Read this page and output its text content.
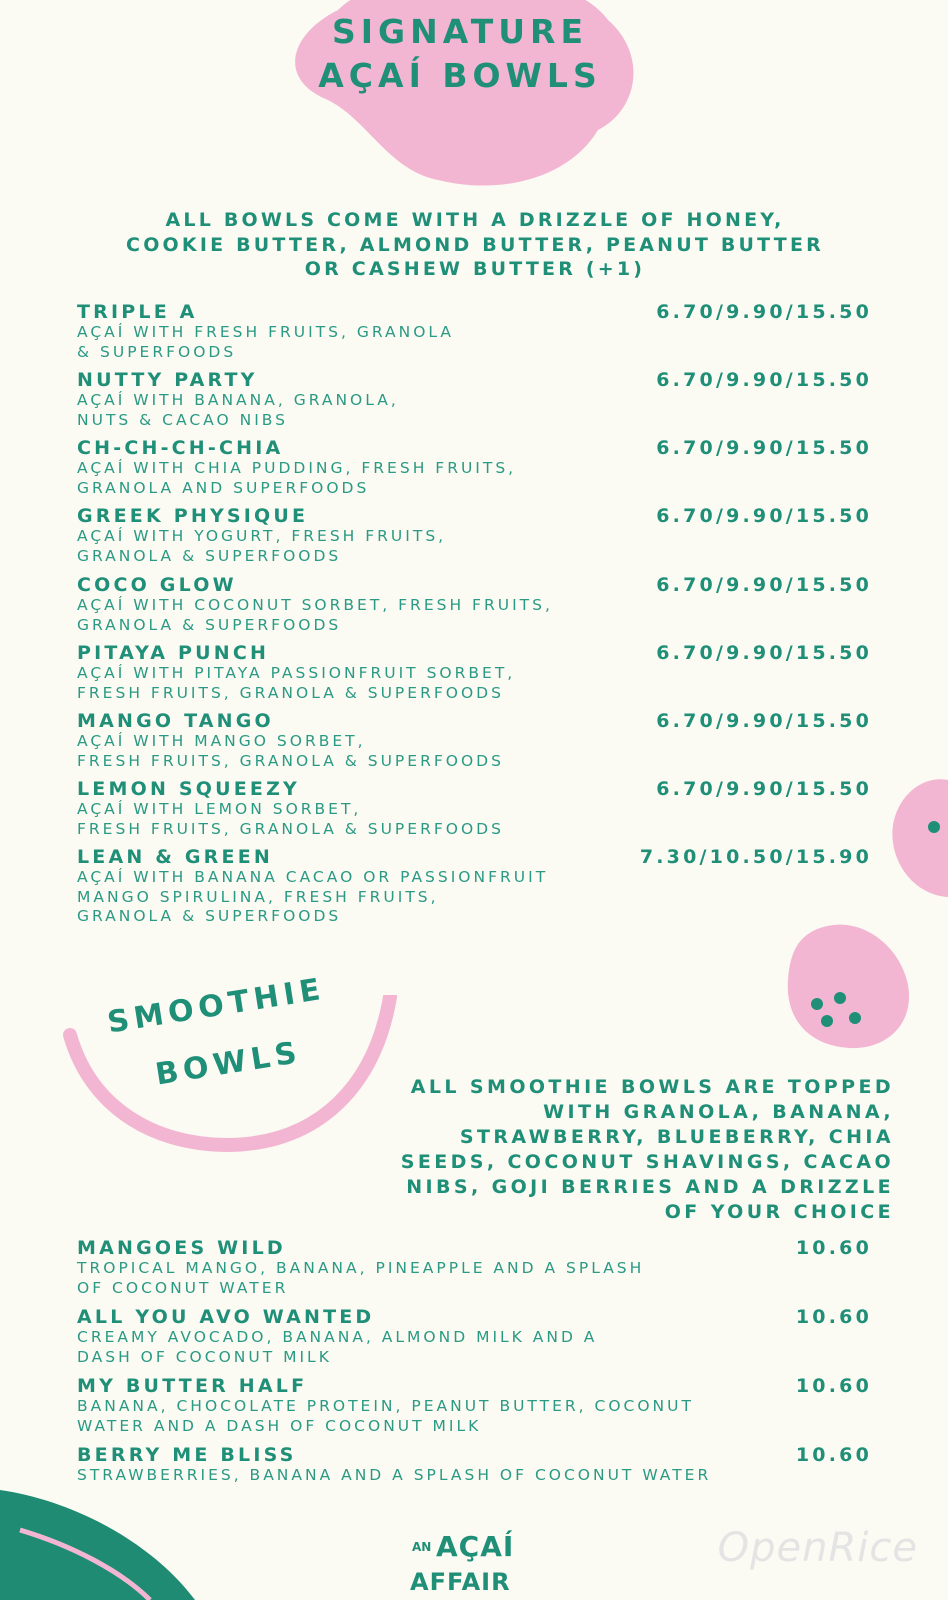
SIGNATURE
AÇAÍ BOWLS
ALL BOWLS COME WITH A DRIZZLE OF HONEY,
COOKIE BUTTER, ALMOND BUTTER, PEANUT BUTTER
OR CASHEW BUTTER (+1)
TRIPLE A	6.70/9.90/15.50
AÇAÍ WITH FRESH FRUITS, GRANOLA
& SUPERFOODS
NUTTY PARTY	6.70/9.90/15.50
AÇAÍ WITH BANANA, GRANOLA,
NUTS & CACAO NIBS
CH-CH-CH-CHIA	6.70/9.90/15.50
AÇAÍ WITH CHIA PUDDING, FRESH FRUITS,
GRANOLA AND SUPERFOODS
GREEK PHYSIQUE	6.70/9.90/15.50
AÇAÍ WITH YOGURT, FRESH FRUITS,
GRANOLA & SUPERFOODS
COCO GLOW	6.70/9.90/15.50
AÇAÍ WITH COCONUT SORBET, FRESH FRUITS,
GRANOLA & SUPERFOODS
PITAYA PUNCH	6.70/9.90/15.50
AÇAÍ WITH PITAYA PASSIONFRUIT SORBET,
FRESH FRUITS, GRANOLA & SUPERFOODS
MANGO TANGO	6.70/9.90/15.50
AÇAÍ WITH MANGO SORBET,
FRESH FRUITS, GRANOLA & SUPERFOODS
LEMON SQUEEZY	6.70/9.90/15.50
AÇAÍ WITH LEMON SORBET,
FRESH FRUITS, GRANOLA & SUPERFOODS
LEAN & GREEN	7.30/10.50/15.90
AÇAÍ WITH BANANA CACAO OR PASSIONFRUIT
MANGO SPIRULINA, FRESH FRUITS,
GRANOLA & SUPERFOODS
SMOOTHIE
BOWLS	ALL SMOOTHIE BOWLS ARE TOPPED
WITH GRANOLA, BANANA,
STRAWBERRY, BLUEBERRY, CHIA
SEEDS, COCONUT SHAVINGS, CACAO
NIBS, GOJI BERRIES AND A DRIZZLE
OF YOUR CHOICE
MANGOES WILD	10.60
TROPICAL MANGO, BANANA, PINEAPPLE AND A SPLASH
OF COCONUT WATER
ALL YOU AVO WANTED	10.60
CREAMY AVOCADO, BANANA, ALMOND MILK AND A
DASH OF COCONUT MILK
MY BUTTER HALF	10.60
BANANA, CHOCOLATE PROTEIN, PEANUT BUTTER, COCONUT
WATER AND A DASH OF COCONUT MILK
BERRY ME BLISS	10.60
STRAWBERRIES, BANANA AND A SPLASH OF COCONUT WATER
AN AÇAÍ
AFFAIR
OpenRice
